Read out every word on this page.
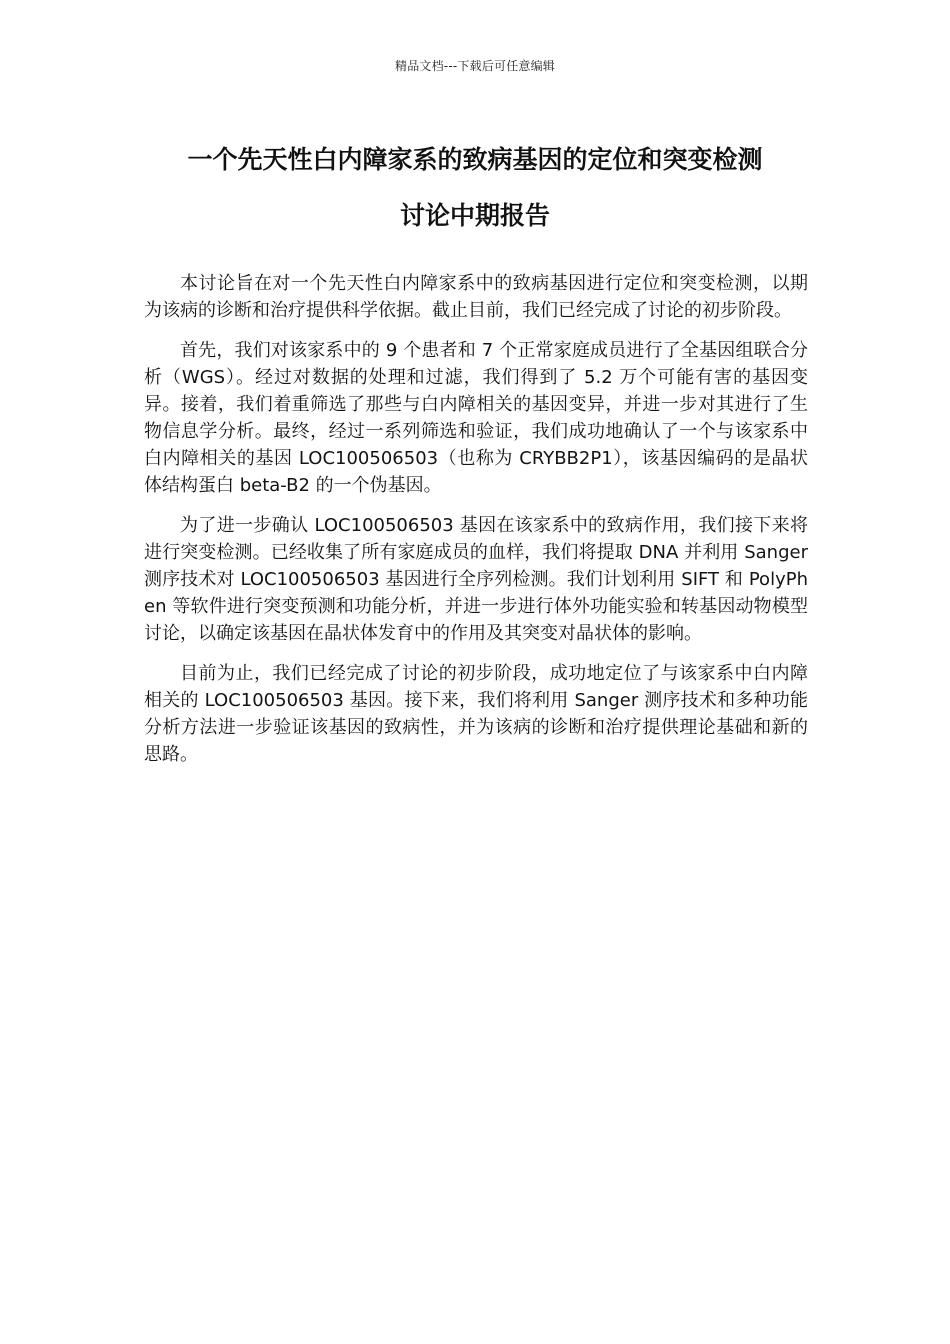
精品文档---下载后可任意编辑
一个先天性白内障家系的致病基因的定位和突变检测
讨论中期报告

本讨论旨在对一个先天性白内障家系中的致病基因进行定位和突变检测，以期为该病的诊断和治疗提供科学依据。截止目前，我们已经完成了讨论的初步阶段。

首先，我们对该家系中的 9 个患者和 7 个正常家庭成员进行了全基因组联合分析（WGS）。经过对数据的处理和过滤，我们得到了 5.2 万个可能有害的基因变异。接着，我们着重筛选了那些与白内障相关的基因变异，并进一步对其进行了生物信息学分析。最终，经过一系列筛选和验证，我们成功地确认了一个与该家系中白内障相关的基因 LOC100506503（也称为 CRYBB2P1），该基因编码的是晶状体结构蛋白 beta-B2 的一个伪基因。

为了进一步确认 LOC100506503 基因在该家系中的致病作用，我们接下来将进行突变检测。已经收集了所有家庭成员的血样，我们将提取 DNA 并利用 Sanger 测序技术对 LOC100506503 基因进行全序列检测。我们计划利用 SIFT 和 PolyPhen 等软件进行突变预测和功能分析，并进一步进行体外功能实验和转基因动物模型讨论，以确定该基因在晶状体发育中的作用及其突变对晶状体的影响。

目前为止，我们已经完成了讨论的初步阶段，成功地定位了与该家系中白内障相关的 LOC100506503 基因。接下来，我们将利用 Sanger 测序技术和多种功能分析方法进一步验证该基因的致病性，并为该病的诊断和治疗提供理论基础和新的思路。
